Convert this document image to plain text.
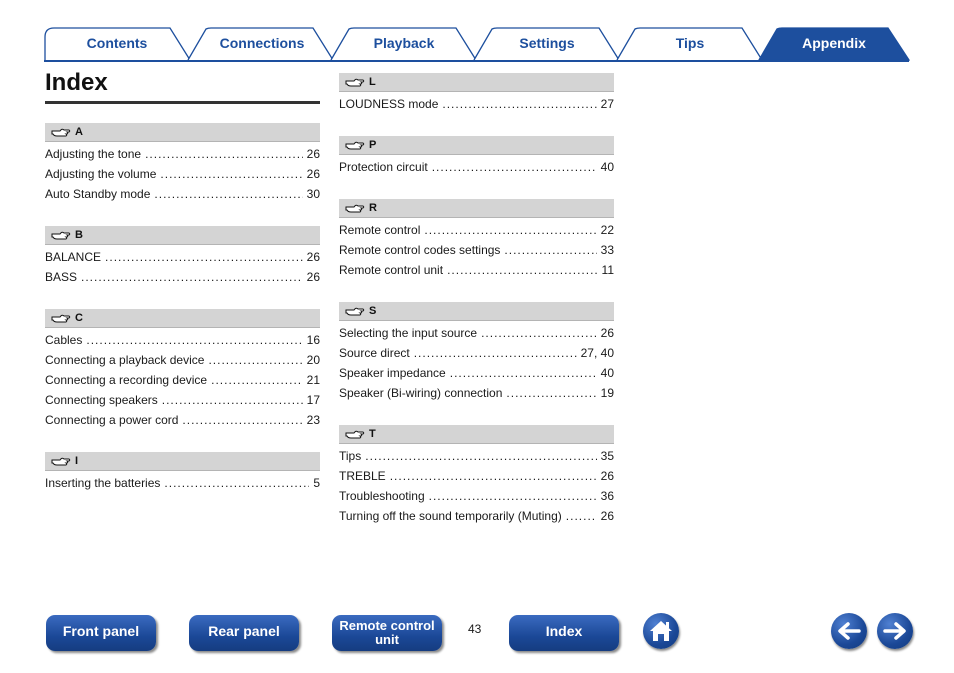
Contents	Connections	Playback	Settings	Tips	Appendix
Index
A
Adjusting the tone .....	26
Adjusting the volume .....	26
Auto Standby mode .....	30
B
BALANCE .....	26
BASS .....	26
C
Cables .....	16
Connecting a playback device .....	20
Connecting a recording device .....	21
Connecting speakers .....	17
Connecting a power cord .....	23
I
Inserting the batteries .....	5
L
LOUDNESS mode .....	27
P
Protection circuit .....	40
R
Remote control .....	22
Remote control codes settings .....	33
Remote control unit .....	11
S
Selecting the input source .....	26
Source direct .....	27, 40
Speaker impedance .....	40
Speaker (Bi-wiring) connection .....	19
T
Tips .....	35
TREBLE .....	26
Troubleshooting .....	36
Turning off the sound temporarily (Muting) .....	26
Front panel	Rear panel	Remote control
unit
43	Index
